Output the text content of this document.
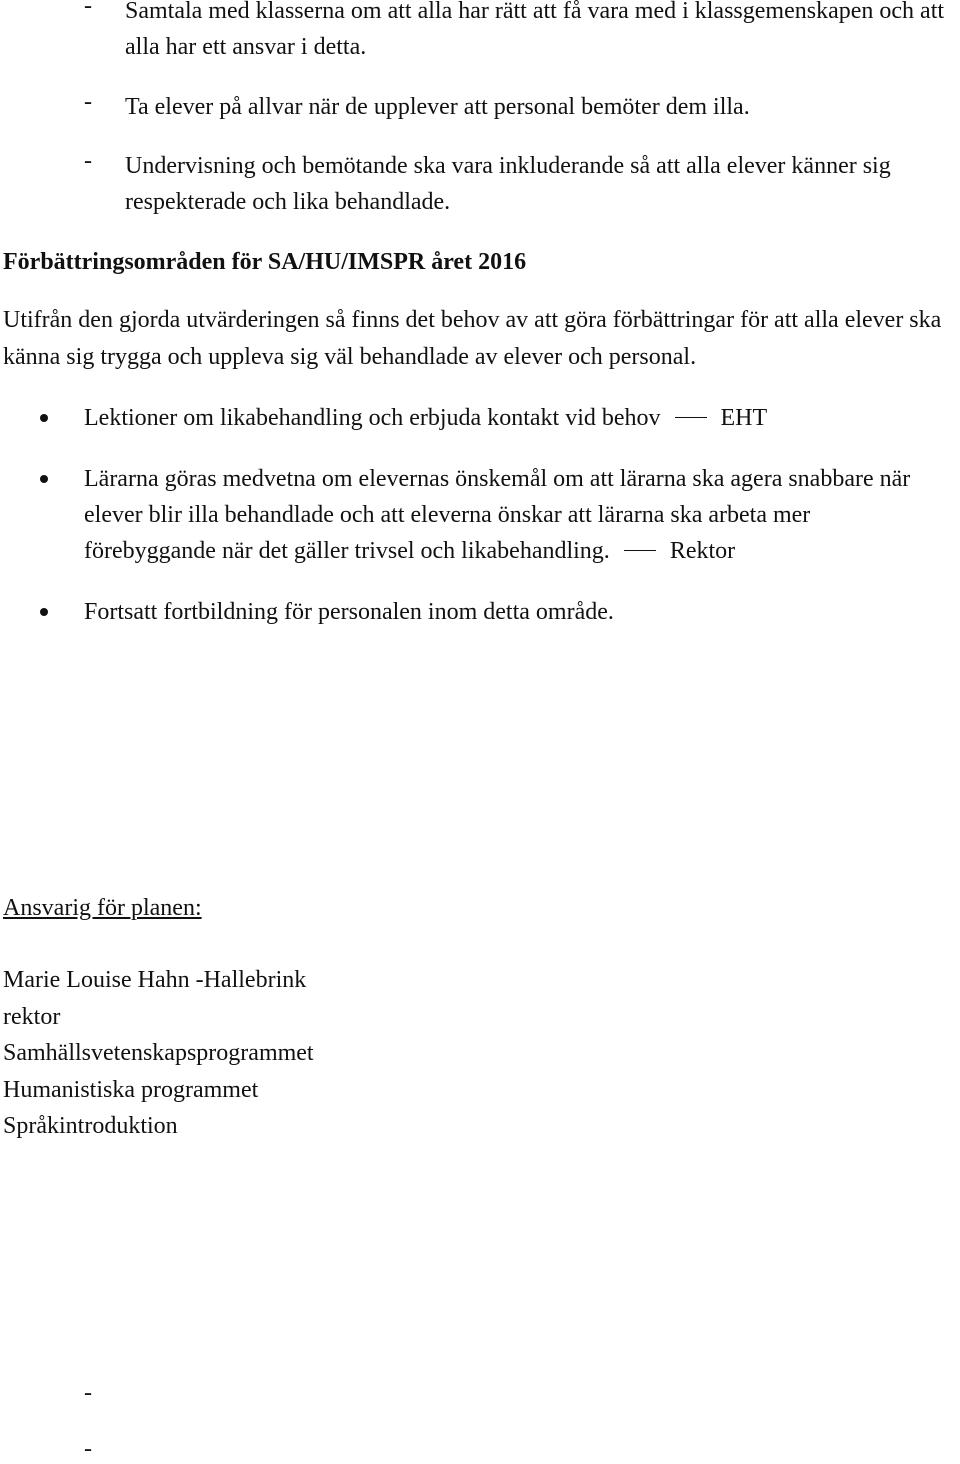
- Samtala med klasserna om att alla har rätt att få vara med i klassgemenskapen och att alla har ett ansvar i detta.
- Ta elever på allvar när de upplever att personal bemöter dem illa.
- Undervisning och bemötande ska vara inkluderande så att alla elever känner sig respekterade och lika behandlade.
Förbättringsområden för SA/HU/IMSPR året 2016
Utifrån den gjorda utvärderingen så finns det behov av att göra förbättringar för att alla elever ska känna sig trygga och uppleva sig väl behandlade av elever och personal.
Lektioner om likabehandling och erbjuda kontakt vid behov	EHT
Lärarna göras medvetna om elevernas önskemål om att lärarna ska agera snabbare när elever blir illa behandlade och att eleverna önskar att lärarna ska arbeta mer förebyggande när det gäller trivsel och likabehandling.	Rektor
Fortsatt fortbildning för personalen inom detta område.
Ansvarig för planen:
Marie Louise Hahn -Hallebrink
rektor
Samhällsvetenskapsprogrammet
Humanistiska programmet
Språkintroduktion
-
-
